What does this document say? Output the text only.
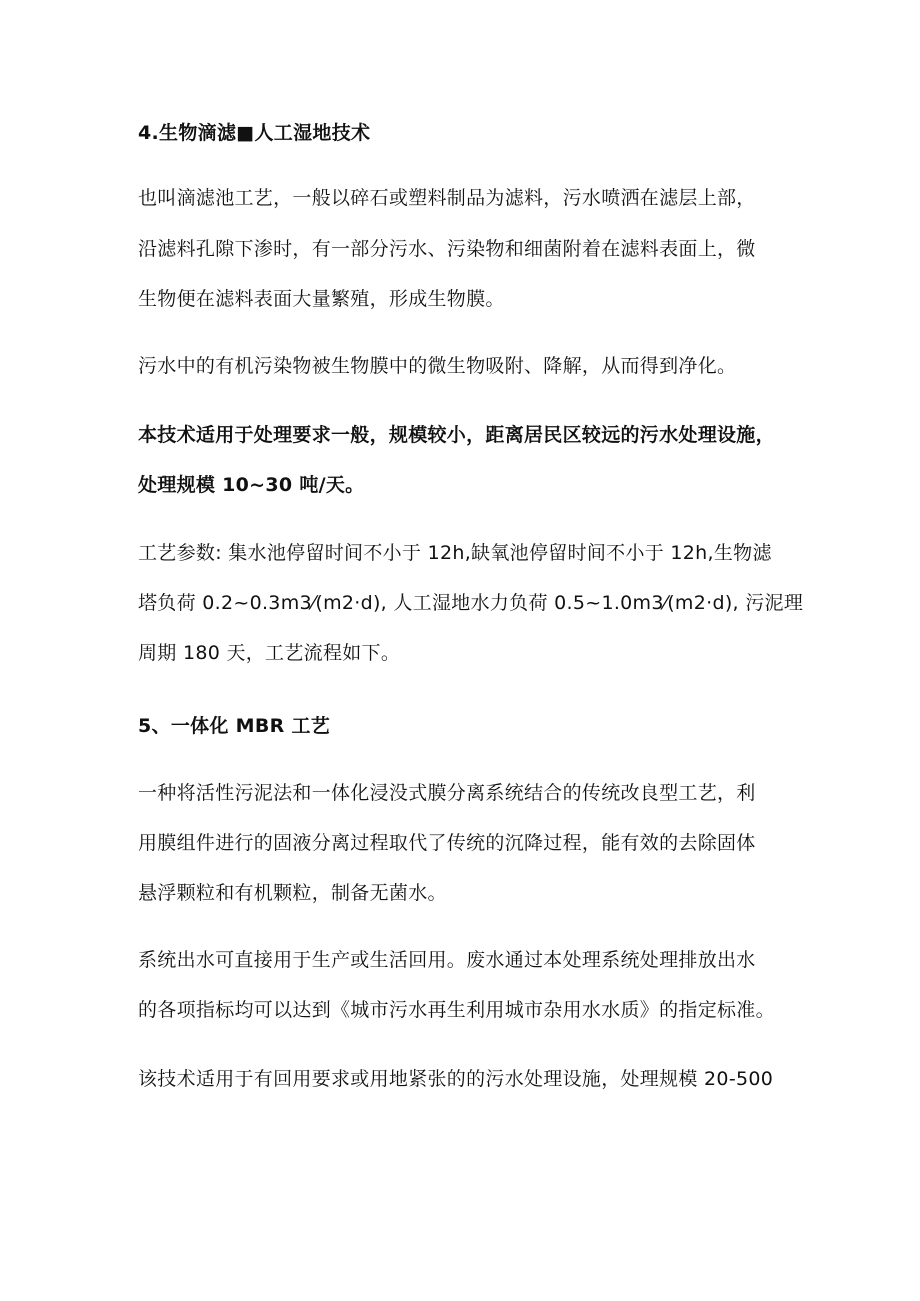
4.生物滴滤■人工湿地技术
也叫滴滤池工艺，一般以碎石或塑料制品为滤料，污水喷洒在滤层上部，
沿滤料孔隙下渗时，有一部分污水、污染物和细菌附着在滤料表面上，微
生物便在滤料表面大量繁殖，形成生物膜。
污水中的有机污染物被生物膜中的微生物吸附、降解，从而得到净化。
本技术适用于处理要求一般，规模较小，距离居民区较远的污水处理设施，
处理规模 10~30 吨/天。
工艺参数: 集水池停留时间不小于 12h,缺氧池停留时间不小于 12h,生物滤
塔负荷 0.2~0.3m3⁄(m2·d), 人工湿地水力负荷 0.5~1.0m3⁄(m2·d), 污泥理
周期 180 天，工艺流程如下。
5、一体化 MBR 工艺
一种将活性污泥法和一体化浸没式膜分离系统结合的传统改良型工艺，利
用膜组件进行的固液分离过程取代了传统的沉降过程，能有效的去除固体
悬浮颗粒和有机颗粒，制备无菌水。
系统出水可直接用于生产或生活回用。废水通过本处理系统处理排放出水
的各项指标均可以达到《城市污水再生利用城市杂用水水质》的指定标准。
该技术适用于有回用要求或用地紧张的的污水处理设施，处理规模 20-500
